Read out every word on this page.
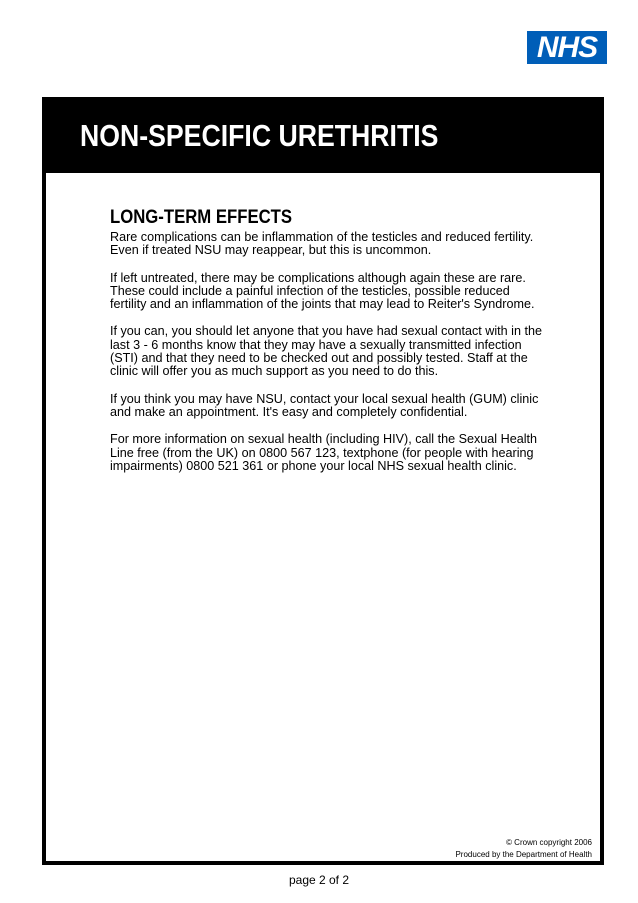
NHS
NON-SPECIFIC URETHRITIS
LONG-TERM EFFECTS

Rare complications can be inflammation of the testicles and reduced fertility.
Even if treated NSU may reappear, but this is uncommon.

If left untreated, there may be complications although again these are rare.
These could include a painful infection of the testicles, possible reduced
fertility and an inflammation of the joints that may lead to Reiter's Syndrome.

If you can, you should let anyone that you have had sexual contact with in the
last 3 - 6 months know that they may have a sexually transmitted infection
(STI) and that they need to be checked out and possibly tested. Staff at the
clinic will offer you as much support as you need to do this.

If you think you may have NSU, contact your local sexual health (GUM) clinic
and make an appointment. It's easy and completely confidential.

For more information on sexual health (including HIV), call the Sexual Health
Line free (from the UK) on 0800 567 123, textphone (for people with hearing
impairments) 0800 521 361 or phone your local NHS sexual health clinic.

© Crown copyright 2006
Produced by the Department of Health
page 2 of 2
